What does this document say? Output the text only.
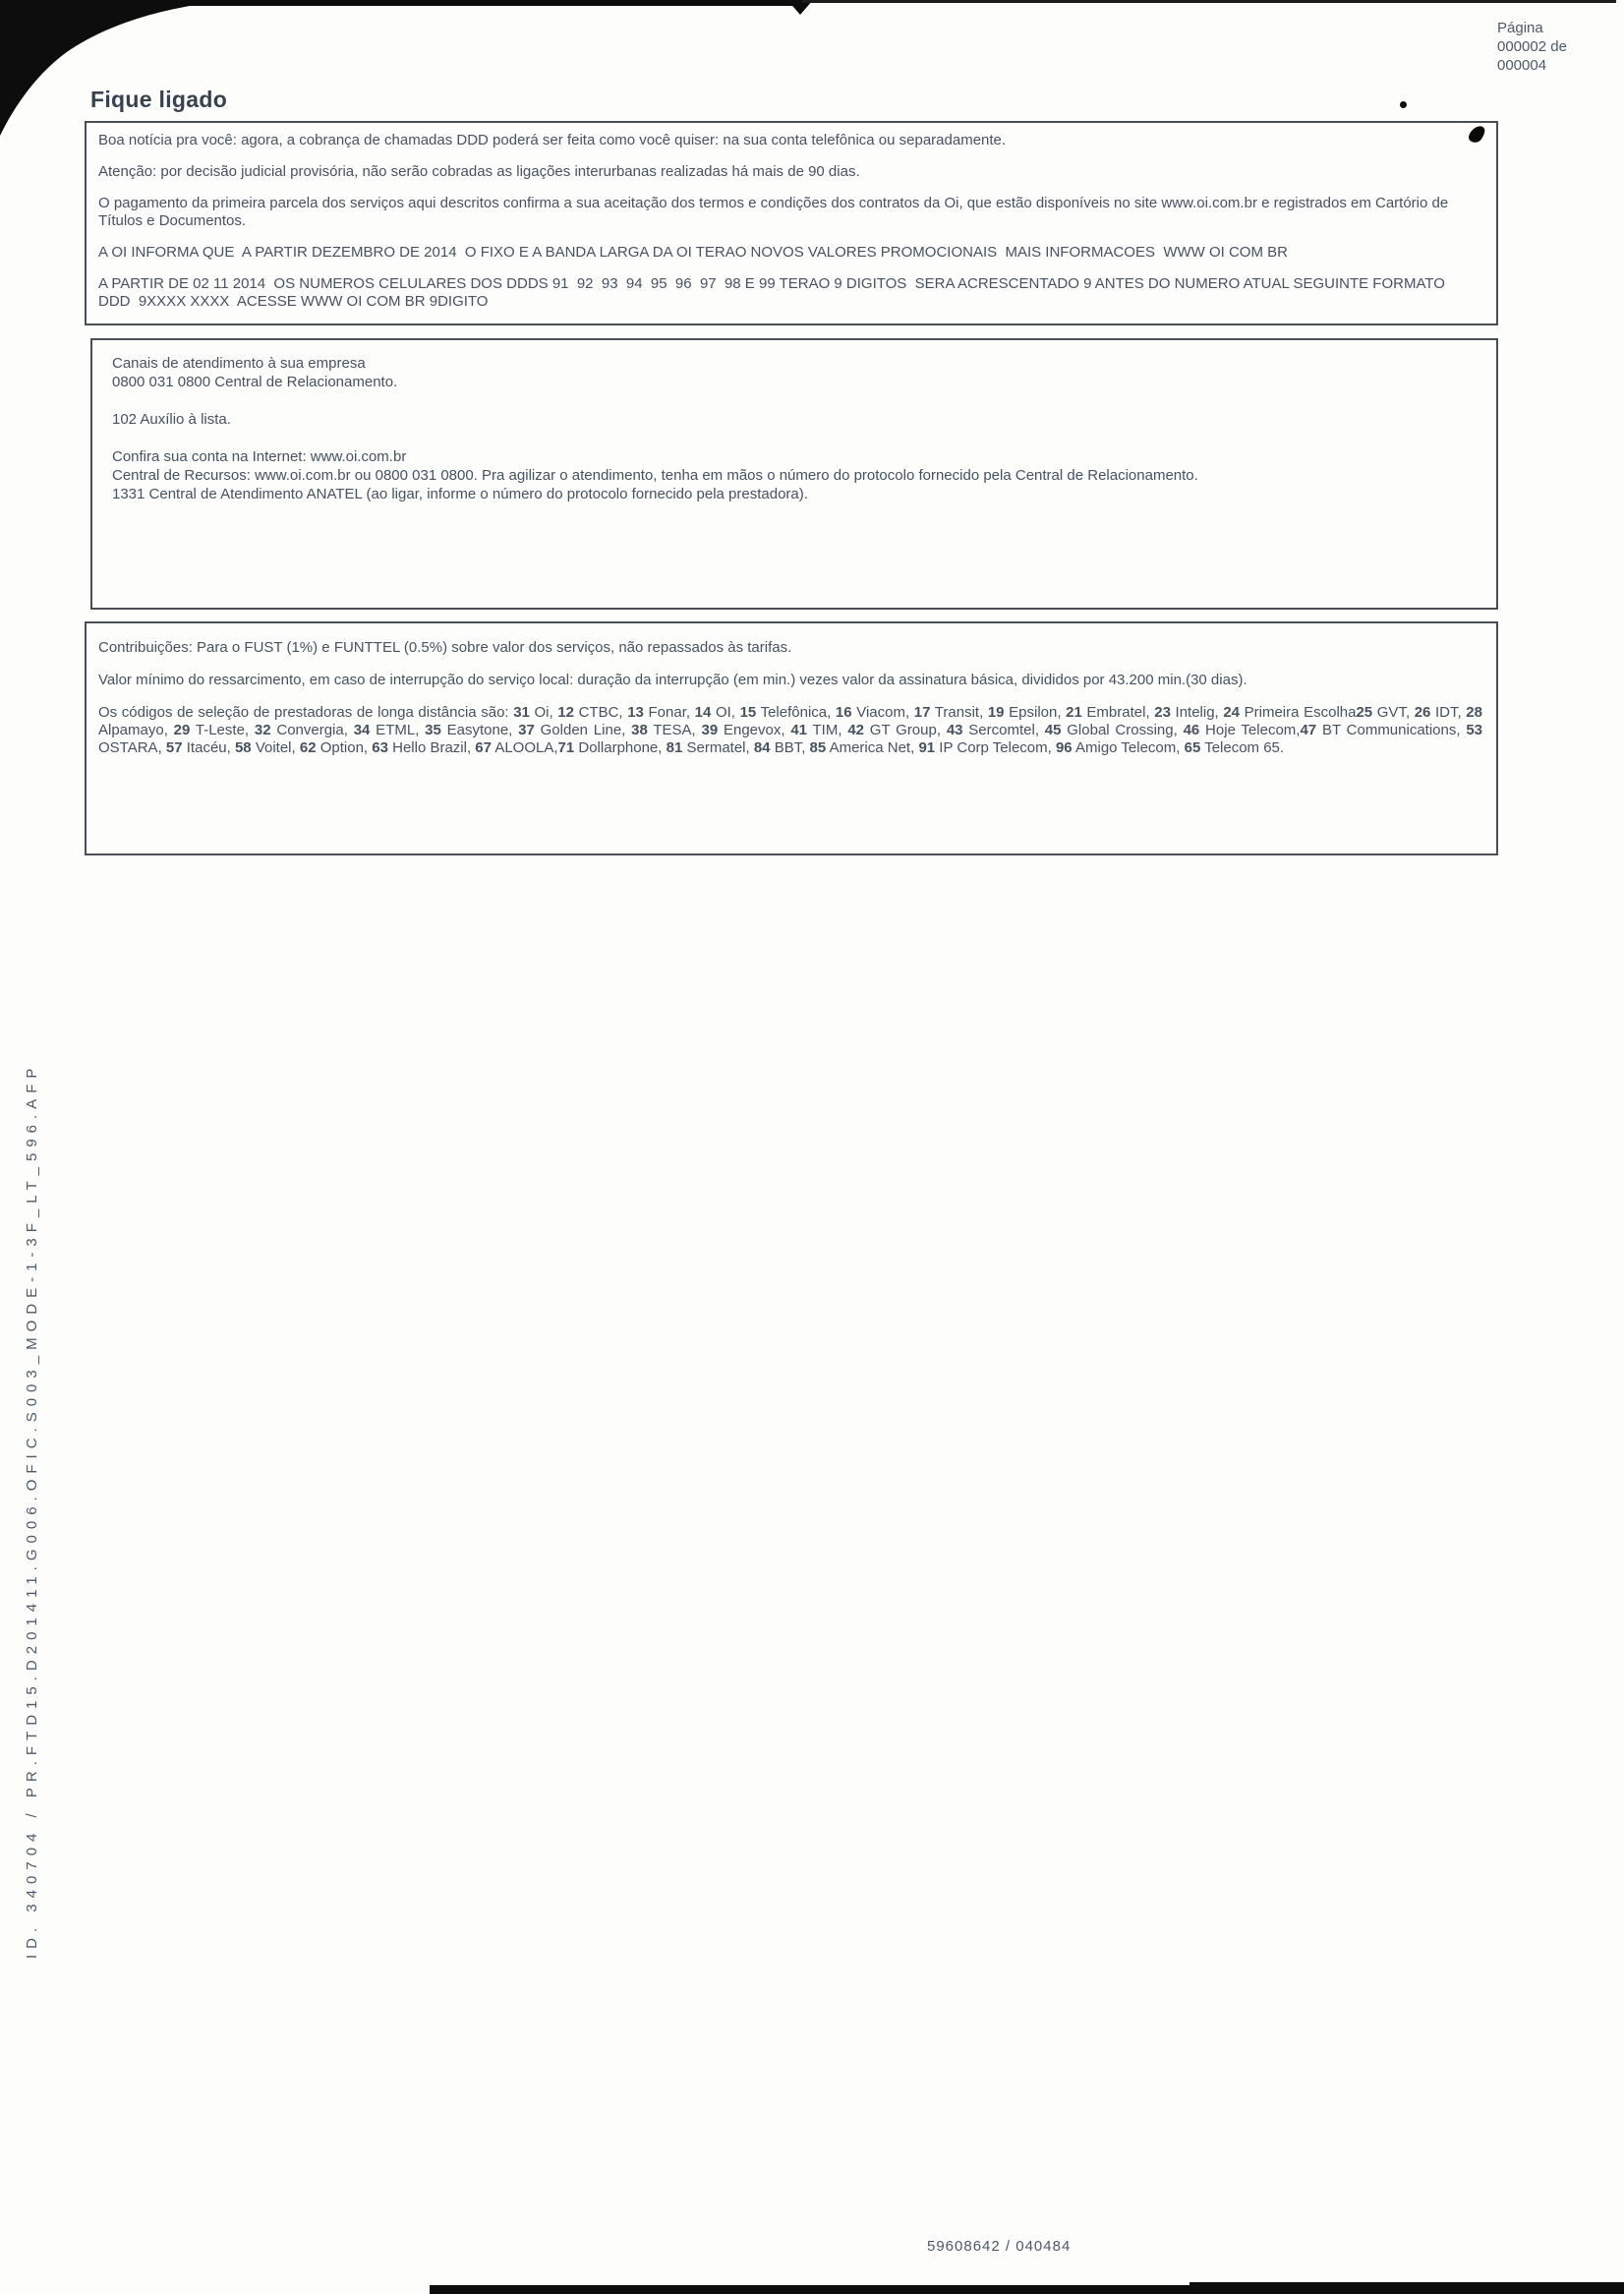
Página
000002 de
000004
Fique ligado

Boa notícia pra você: agora, a cobrança de chamadas DDD poderá ser feita como você quiser: na sua conta telefônica ou separadamente.

Atenção: por decisão judicial provisória, não serão cobradas as ligações interurbanas realizadas há mais de 90 dias.

O pagamento da primeira parcela dos serviços aqui descritos confirma a sua aceitação dos termos e condições dos contratos da Oi, que estão disponíveis no site www.oi.com.br e registrados em Cartório de Títulos e Documentos.

A OI INFORMA QUE  A PARTIR DEZEMBRO DE 2014  O FIXO E A BANDA LARGA DA OI TERAO NOVOS VALORES PROMOCIONAIS  MAIS INFORMACOES  WWW OI COM BR

A PARTIR DE 02 11 2014  OS NUMEROS CELULARES DOS DDDS 91  92  93  94  95  96  97  98 E 99 TERAO 9 DIGITOS  SERA ACRESCENTADO 9 ANTES DO NUMERO ATUAL SEGUINTE FORMATO   DDD  9XXXX XXXX  ACESSE WWW OI COM BR 9DIGITO

Canais de atendimento à sua empresa
0800 031 0800 Central de Relacionamento.
102 Auxílio à lista.
Confira sua conta na Internet: www.oi.com.br
Central de Recursos: www.oi.com.br ou 0800 031 0800. Pra agilizar o atendimento, tenha em mãos o número do protocolo fornecido pela Central de Relacionamento.
1331 Central de Atendimento ANATEL (ao ligar, informe o número do protocolo fornecido pela prestadora).

Contribuições: Para o FUST (1%) e FUNTTEL (0.5%) sobre valor dos serviços, não repassados às tarifas.

Valor mínimo do ressarcimento, em caso de interrupção do serviço local: duração da interrupção (em min.) vezes valor da assinatura básica, divididos por 43.200 min.(30 dias).

Os códigos de seleção de prestadoras de longa distância são: 31 Oi, 12 CTBC, 13 Fonar, 14 OI, 15 Telefônica, 16 Viacom, 17 Transit, 19 Epsilon, 21 Embratel, 23 Intelig, 24 Primeira Escolha25 GVT, 26 IDT, 28 Alpamayo, 29 T-Leste, 32 Convergia, 34 ETML, 35 Easytone, 37 Golden Line, 38 TESA, 39 Engevox, 41 TIM, 42 GT Group, 43 Sercomtel, 45 Global Crossing, 46 Hoje Telecom,47 BT Communications, 53 OSTARA, 57 Itacéu, 58 Voitel, 62 Option, 63 Hello Brazil, 67 ALOOLA,71 Dollarphone, 81 Sermatel, 84 BBT, 85 America Net, 91 IP Corp Telecom, 96 Amigo Telecom, 65 Telecom 65.

ID. 340704 / PR.FTD15.D201411.G006.OFIC.S003_MODE-1-3F_LT_596.AFP
59608642 / 040484
